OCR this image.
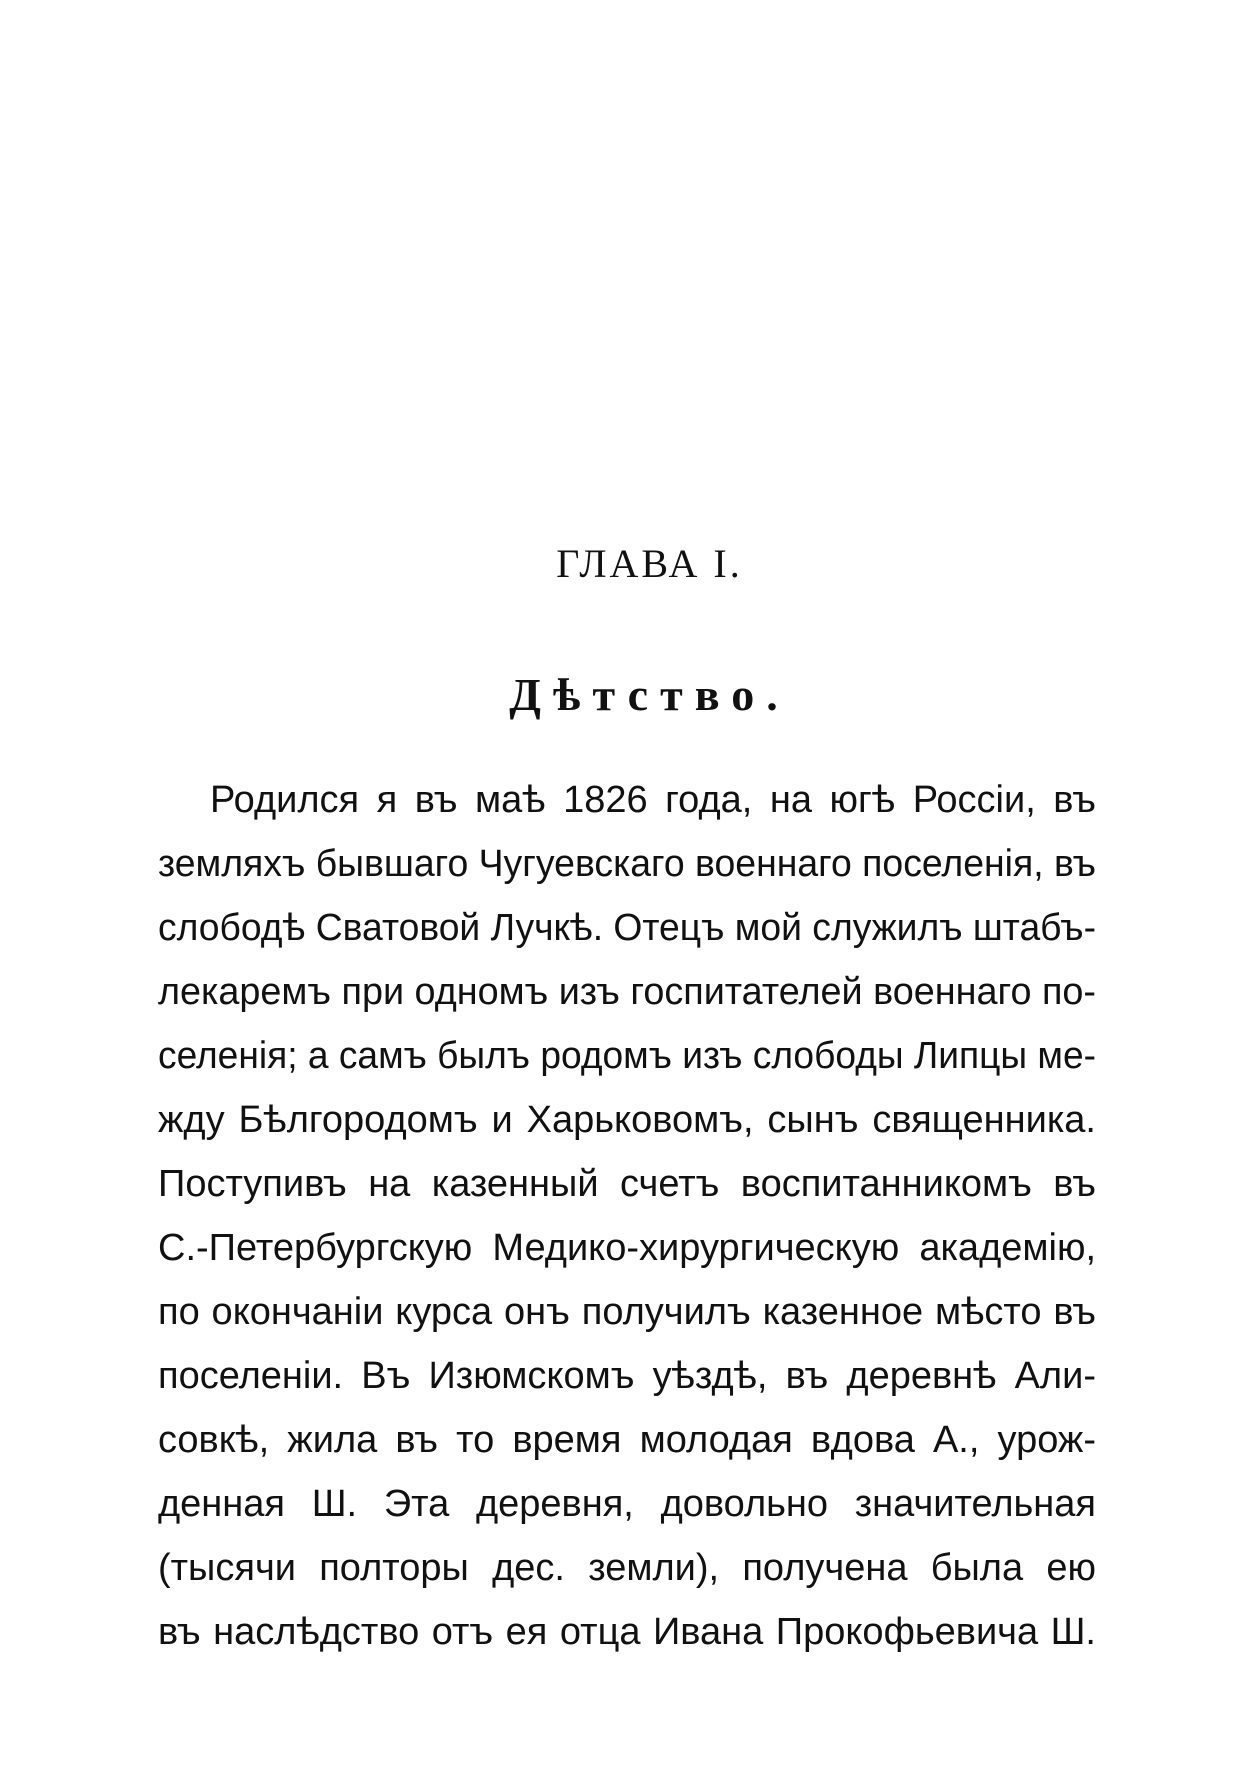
ГЛАВА I.
Дѣтство.
Родился я въ маѣ 1826 года, на югѣ Россіи, въ
земляхъ бывшаго Чугуевскаго военнаго поселенія, въ
слободѣ Сватовой Лучкѣ. Отецъ мой служилъ штабъ-
лекаремъ при одномъ изъ госпитателей военнаго по-
селенія; а самъ былъ родомъ изъ слободы Липцы ме-
жду Бѣлгородомъ и Харьковомъ, сынъ священника.
Поступивъ на казенный счетъ воспитанникомъ въ
С.-Петербургскую Медико-хирургическую академію,
по окончаніи курса онъ получилъ казенное мѣсто въ
поселеніи. Въ Изюмскомъ уѣздѣ, въ деревнѣ Али-
совкѣ, жила въ то время молодая вдова А., урож-
денная Ш. Эта деревня, довольно значительная
(тысячи полторы дес. земли), получена была ею
въ наслѣдство отъ ея отца Ивана Прокофьевича Ш.
